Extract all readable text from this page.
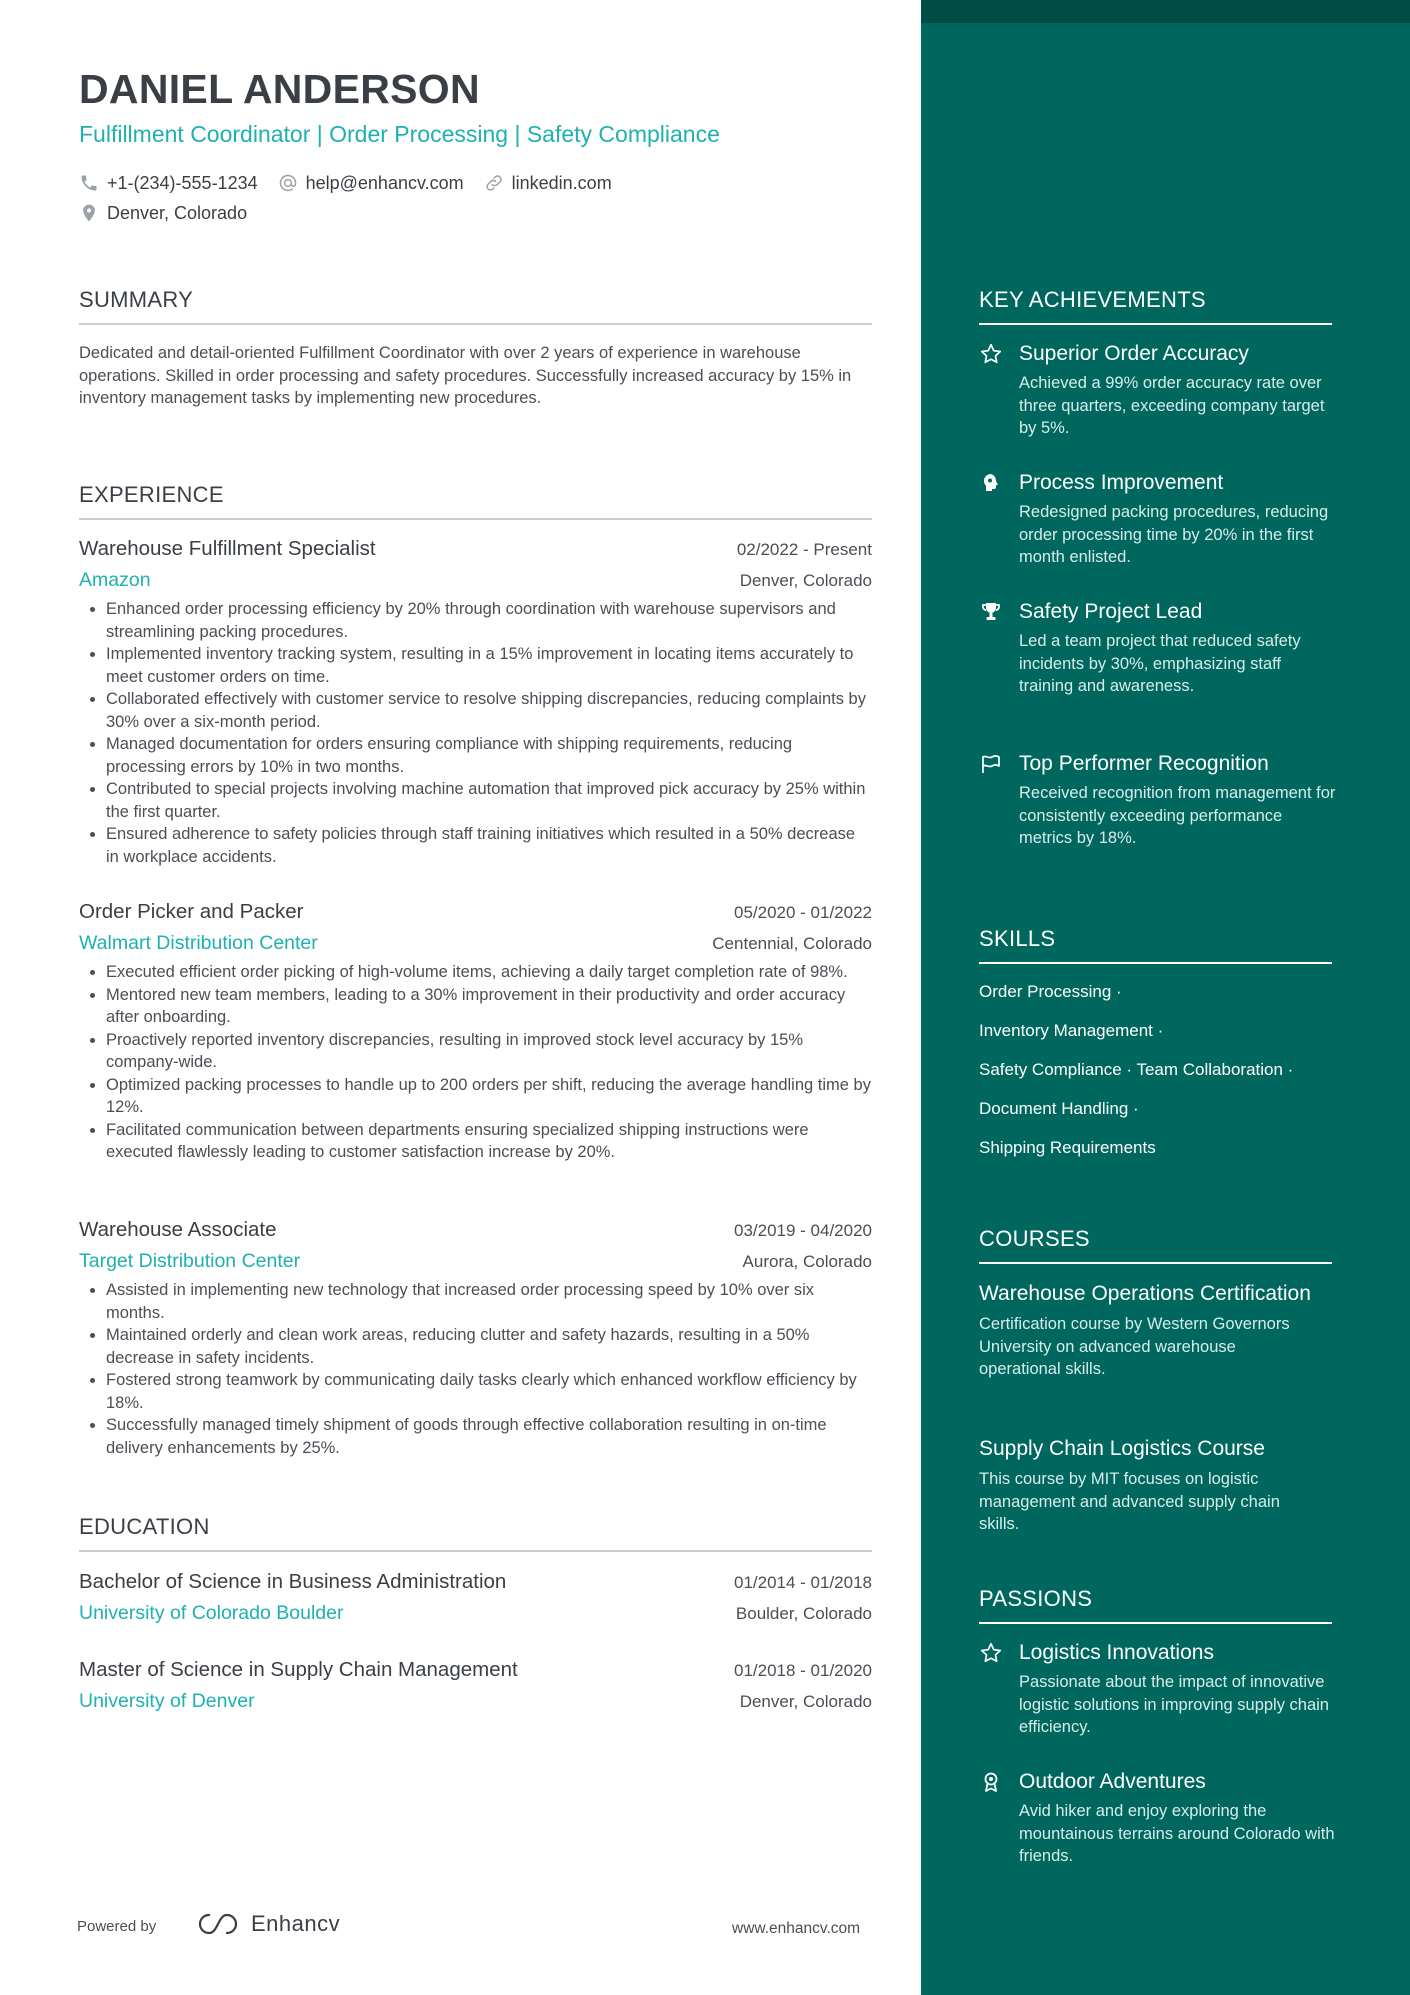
DANIEL ANDERSON
Fulfillment Coordinator | Order Processing | Safety Compliance
+1-(234)-555-1234	help@enhancv.com	linkedin.com
Denver, Colorado
SUMMARY

Dedicated and detail-oriented Fulfillment Coordinator with over 2 years of experience in warehouse operations. Skilled in order processing and safety procedures. Successfully increased accuracy by 15% in inventory management tasks by implementing new procedures.

EXPERIENCE
Warehouse Fulfillment Specialist	02/2022 - Present
Amazon	Denver, Colorado
• Enhanced order processing efficiency by 20% through coordination with warehouse supervisors and streamlining packing procedures.
• Implemented inventory tracking system, resulting in a 15% improvement in locating items accurately to meet customer orders on time.
• Collaborated effectively with customer service to resolve shipping discrepancies, reducing complaints by 30% over a six-month period.
• Managed documentation for orders ensuring compliance with shipping requirements, reducing processing errors by 10% in two months.
• Contributed to special projects involving machine automation that improved pick accuracy by 25% within the first quarter.
• Ensured adherence to safety policies through staff training initiatives which resulted in a 50% decrease in workplace accidents.
Order Picker and Packer	05/2020 - 01/2022
Walmart Distribution Center	Centennial, Colorado
• Executed efficient order picking of high-volume items, achieving a daily target completion rate of 98%.
• Mentored new team members, leading to a 30% improvement in their productivity and order accuracy after onboarding.
• Proactively reported inventory discrepancies, resulting in improved stock level accuracy by 15% company-wide.
• Optimized packing processes to handle up to 200 orders per shift, reducing the average handling time by 12%.
• Facilitated communication between departments ensuring specialized shipping instructions were executed flawlessly leading to customer satisfaction increase by 20%.
Warehouse Associate	03/2019 - 04/2020
Target Distribution Center	Aurora, Colorado
• Assisted in implementing new technology that increased order processing speed by 10% over six months.
• Maintained orderly and clean work areas, reducing clutter and safety hazards, resulting in a 50% decrease in safety incidents.
• Fostered strong teamwork by communicating daily tasks clearly which enhanced workflow efficiency by 18%.
• Successfully managed timely shipment of goods through effective collaboration resulting in on-time delivery enhancements by 25%.
EDUCATION
Bachelor of Science in Business Administration	01/2014 - 01/2018
University of Colorado Boulder	Boulder, Colorado
Master of Science in Supply Chain Management	01/2018 - 01/2020
University of Denver	Denver, Colorado
Powered by	Enhancv	www.enhancv.com
KEY ACHIEVEMENTS
Superior Order Accuracy
Achieved a 99% order accuracy rate over three quarters, exceeding company target by 5%.
Process Improvement
Redesigned packing procedures, reducing order processing time by 20% in the first month enlisted.
Safety Project Lead
Led a team project that reduced safety incidents by 30%, emphasizing staff training and awareness.
Top Performer Recognition
Received recognition from management for consistently exceeding performance metrics by 18%.
SKILLS
Order Processing ·
Inventory Management ·
Safety Compliance · Team Collaboration ·
Document Handling ·
Shipping Requirements
COURSES
Warehouse Operations Certification
Certification course by Western Governors University on advanced warehouse operational skills.
Supply Chain Logistics Course
This course by MIT focuses on logistic management and advanced supply chain skills.
PASSIONS
Logistics Innovations
Passionate about the impact of innovative logistic solutions in improving supply chain efficiency.
Outdoor Adventures
Avid hiker and enjoy exploring the mountainous terrains around Colorado with friends.
